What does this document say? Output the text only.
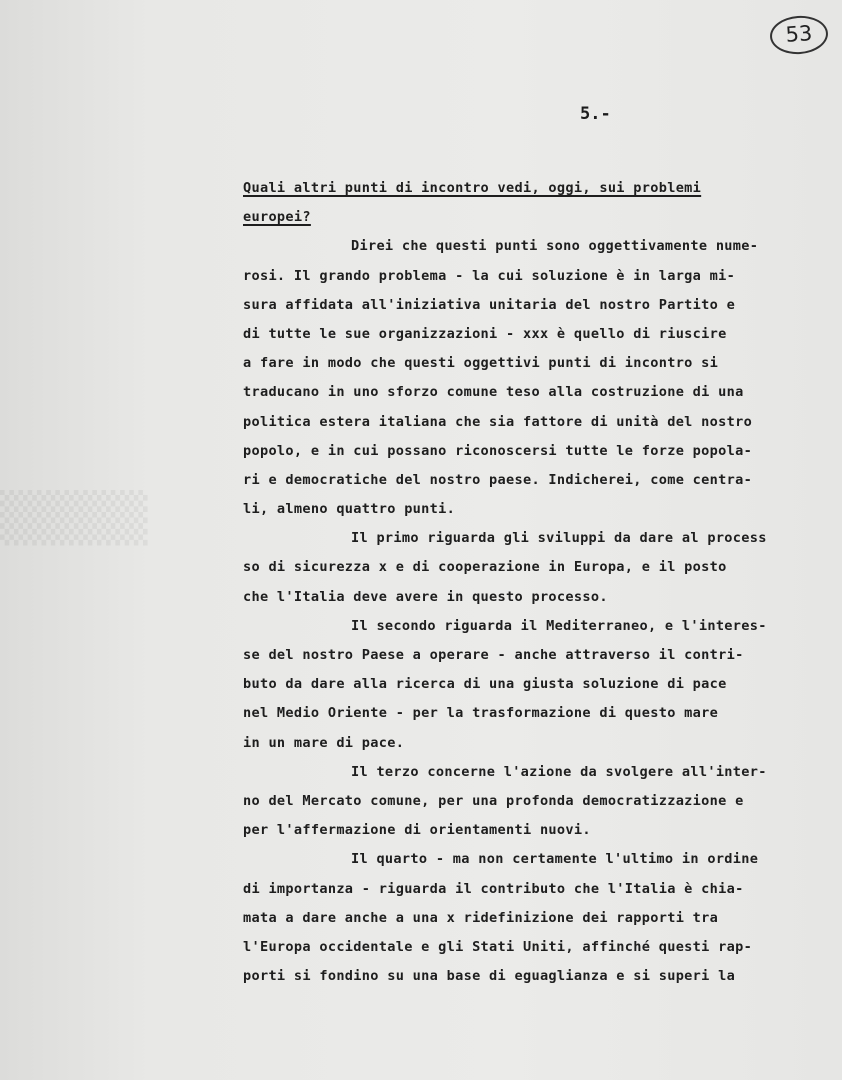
▒▒▒▒
53
5.-
Quali altri punti di incontro vedi, oggi, sui problemi
europei?
Direi che questi punti sono oggettivamente nume-
rosi. Il grando problema - la cui soluzione è in larga mi-
sura affidata all'iniziativa unitaria del nostro Partito e
di tutte le sue organizzazioni - xxx è quello di riuscire
a fare in modo che questi oggettivi punti di incontro si
traducano in uno sforzo comune teso alla costruzione di una
politica estera italiana che sia fattore di unità del nostro
popolo, e in cui possano riconoscersi tutte le forze popola-
ri e democratiche del nostro paese. Indicherei, come centra-
li, almeno quattro punti.
Il primo riguarda gli sviluppi da dare al process
so di sicurezza x e di cooperazione in Europa, e il posto
che l'Italia deve avere in questo processo.
Il secondo riguarda il Mediterraneo, e l'interes-
se del nostro Paese a operare - anche attraverso il contri-
buto da dare alla ricerca di una giusta soluzione di pace
nel Medio Oriente - per la trasformazione di questo mare
in un mare di pace.
Il terzo concerne l'azione da svolgere all'inter-
no del Mercato comune, per una profonda democratizzazione e
per l'affermazione di orientamenti nuovi.
Il quarto - ma non certamente l'ultimo in ordine
di importanza - riguarda il contributo che l'Italia è chia-
mata a dare anche a una x ridefinizione dei rapporti tra
l'Europa occidentale e gli Stati Uniti, affinché questi rap-
porti si fondino su una base di eguaglianza e si superi la
